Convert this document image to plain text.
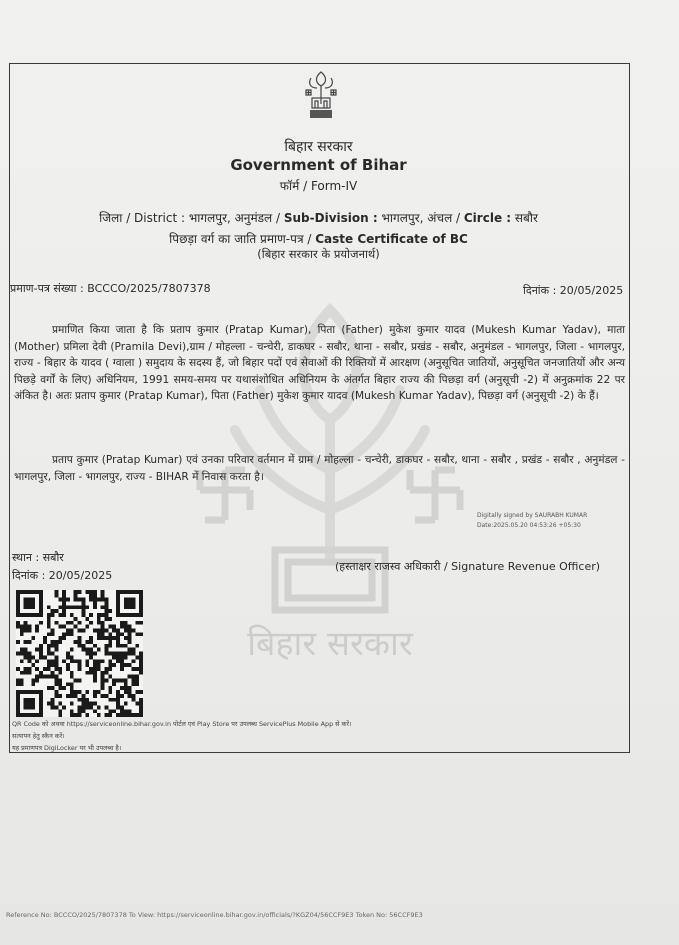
बिहार सरकार
बिहार सरकार
Government of Bihar
फॉर्म / Form-IV
जिला / District : भागलपुर, अनुमंडल / Sub-Division : भागलपुर, अंचल / Circle : सबौर
पिछड़ा वर्ग का जाति प्रमाण-पत्र / Caste Certificate of BC
(बिहार सरकार के प्रयोजनार्थ)
प्रमाण-पत्र संख्या : BCCCO/2025/7807378	दिनांक : 20/05/2025
प्रमाणित किया जाता है कि प्रताप कुमार (Pratap Kumar), पिता (Father) मुकेश कुमार यादव (Mukesh Kumar Yadav), माता (Mother) प्रमिला देवी (Pramila Devi),ग्राम / मोहल्ला - चन्चेरी, डाकघर - सबौर, थाना - सबौर, प्रखंड - सबौर, अनुमंडल - भागलपुर, जिला - भागलपुर, राज्य - बिहार के यादव ( ग्वाला ) समुदाय के सदस्य हैं, जो बिहार पदों एवं सेवाओं की रिक्तियों में आरक्षण (अनुसूचित जातियों, अनुसूचित जनजातियों और अन्य पिछड़े वर्गों के लिए) अधिनियम, 1991 समय-समय पर यथासंशोधित अधिनियम के अंतर्गत बिहार राज्य की पिछड़ा वर्ग (अनुसूची -2) में अनुक्रमांक 22 पर अंकित है। अतः प्रताप कुमार (Pratap Kumar), पिता (Father) मुकेश कुमार यादव (Mukesh Kumar Yadav), पिछड़ा वर्ग (अनुसूची -2) के हैं।
प्रताप कुमार (Pratap Kumar) एवं उनका परिवार वर्तमान में ग्राम / मोहल्ला - चन्चेरी, डाकघर - सबौर, थाना - सबौर , प्रखंड - सबौर , अनुमंडल - भागलपुर, जिला - भागलपुर, राज्य - BIHAR में निवास करता है।
Digitally signed by SAURABH KUMAR
Date:2025.05.20 04:53:26 +05:30
स्थान : सबौर
(हस्ताक्षर राजस्व अधिकारी / Signature Revenue Officer)
दिनांक : 20/05/2025
QR Code को अथवा https://serviceonline.bihar.gov.in पोर्टल एवं Play Store पर उपलब्ध ServicePlus Mobile App से करें।
सत्यापन हेतु स्कैन करें।
यह प्रमाणपत्र DigiLocker पर भी उपलब्ध है।
Reference No: BCCCO/2025/7807378 To View: https://serviceonline.bihar.gov.in/officials/?KGZ04/56CCF9E3 Token No: 56CCF9E3
